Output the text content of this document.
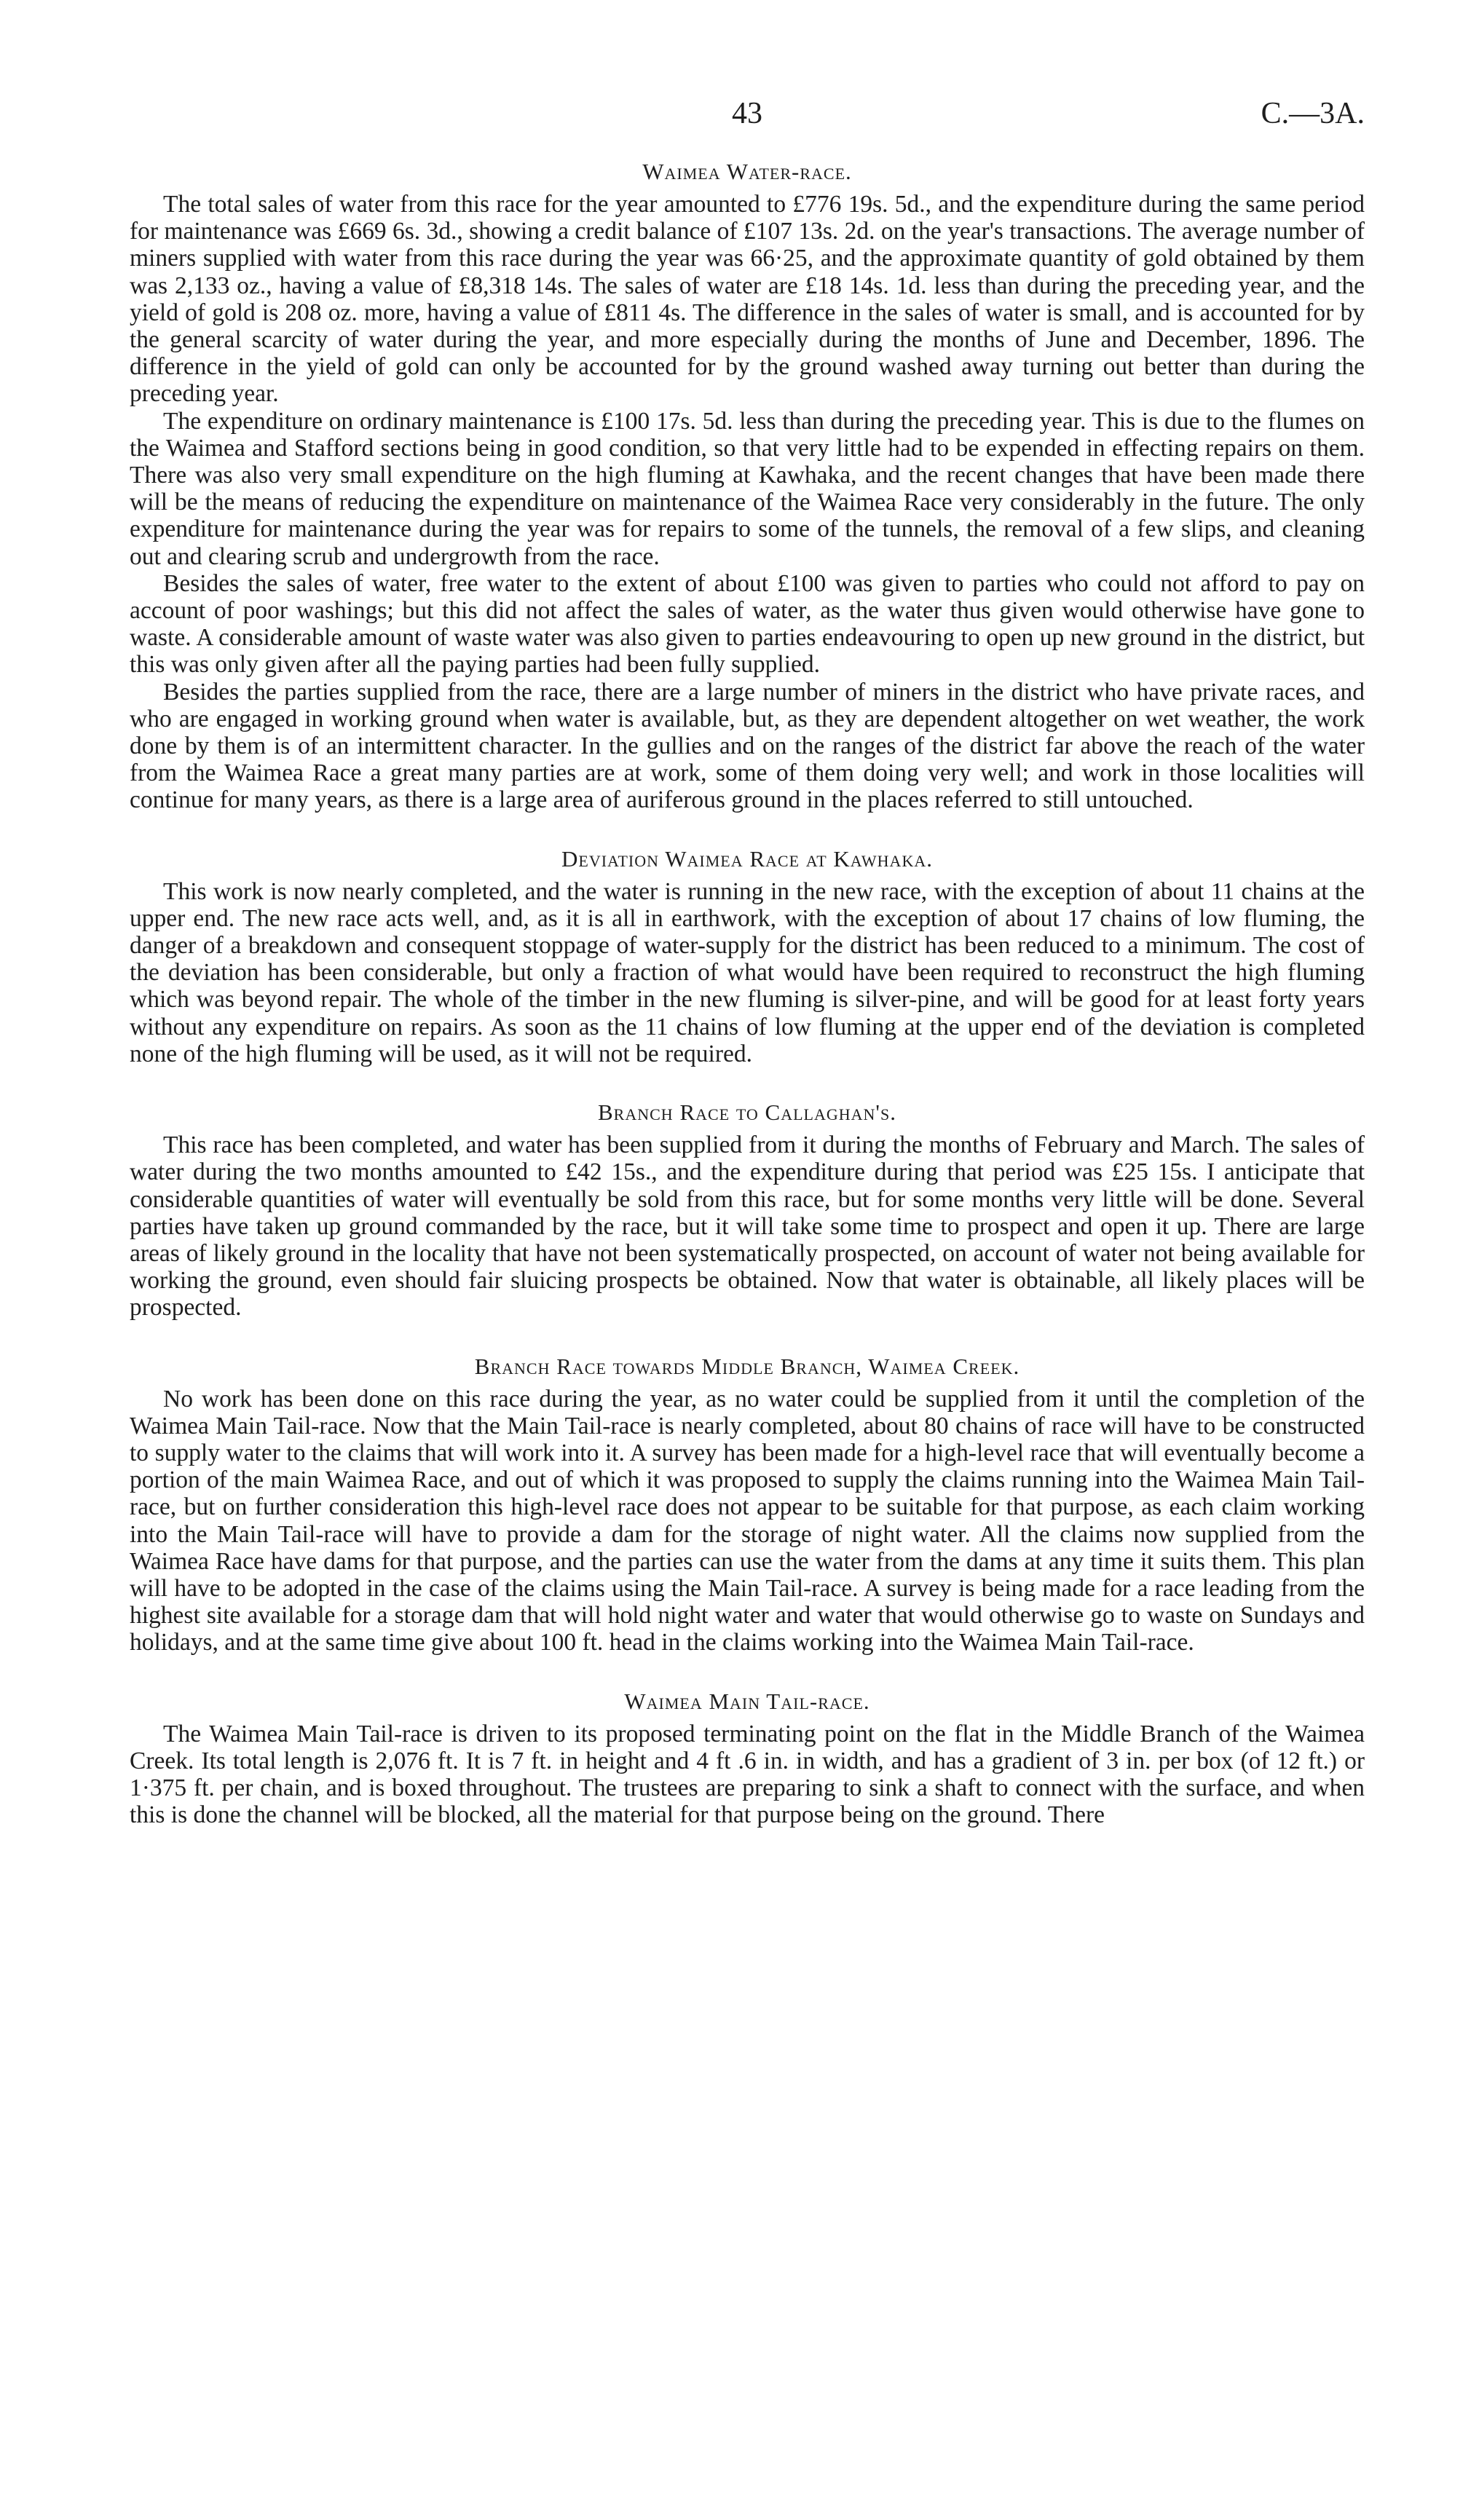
43	C.—3A.
Waimea Water-race.

The total sales of water from this race for the year amounted to £776 19s. 5d., and the expenditure during the same period for maintenance was £669 6s. 3d., showing a credit balance of £107 13s. 2d. on the year's transactions. The average number of miners supplied with water from this race during the year was 66·25, and the approximate quantity of gold obtained by them was 2,133 oz., having a value of £8,318 14s. The sales of water are £18 14s. 1d. less than during the preceding year, and the yield of gold is 208 oz. more, having a value of £811 4s. The difference in the sales of water is small, and is accounted for by the general scarcity of water during the year, and more especially during the months of June and December, 1896. The difference in the yield of gold can only be accounted for by the ground washed away turning out better than during the preceding year.

The expenditure on ordinary maintenance is £100 17s. 5d. less than during the preceding year. This is due to the flumes on the Waimea and Stafford sections being in good condition, so that very little had to be expended in effecting repairs on them. There was also very small expenditure on the high fluming at Kawhaka, and the recent changes that have been made there will be the means of reducing the expenditure on maintenance of the Waimea Race very considerably in the future. The only expenditure for maintenance during the year was for repairs to some of the tunnels, the removal of a few slips, and cleaning out and clearing scrub and undergrowth from the race.

Besides the sales of water, free water to the extent of about £100 was given to parties who could not afford to pay on account of poor washings; but this did not affect the sales of water, as the water thus given would otherwise have gone to waste. A considerable amount of waste water was also given to parties endeavouring to open up new ground in the district, but this was only given after all the paying parties had been fully supplied.

Besides the parties supplied from the race, there are a large number of miners in the district who have private races, and who are engaged in working ground when water is available, but, as they are dependent altogether on wet weather, the work done by them is of an intermittent character. In the gullies and on the ranges of the district far above the reach of the water from the Waimea Race a great many parties are at work, some of them doing very well; and work in those localities will continue for many years, as there is a large area of auriferous ground in the places referred to still untouched.

Deviation Waimea Race at Kawhaka.

This work is now nearly completed, and the water is running in the new race, with the exception of about 11 chains at the upper end. The new race acts well, and, as it is all in earthwork, with the exception of about 17 chains of low fluming, the danger of a breakdown and consequent stoppage of water-supply for the district has been reduced to a minimum. The cost of the deviation has been considerable, but only a fraction of what would have been required to reconstruct the high fluming which was beyond repair. The whole of the timber in the new fluming is silver-pine, and will be good for at least forty years without any expenditure on repairs. As soon as the 11 chains of low fluming at the upper end of the deviation is completed none of the high fluming will be used, as it will not be required.

Branch Race to Callaghan's.

This race has been completed, and water has been supplied from it during the months of February and March. The sales of water during the two months amounted to £42 15s., and the expenditure during that period was £25 15s. I anticipate that considerable quantities of water will eventually be sold from this race, but for some months very little will be done. Several parties have taken up ground commanded by the race, but it will take some time to prospect and open it up. There are large areas of likely ground in the locality that have not been systematically prospected, on account of water not being available for working the ground, even should fair sluicing prospects be obtained. Now that water is obtainable, all likely places will be prospected.

Branch Race towards Middle Branch, Waimea Creek.

No work has been done on this race during the year, as no water could be supplied from it until the completion of the Waimea Main Tail-race. Now that the Main Tail-race is nearly completed, about 80 chains of race will have to be constructed to supply water to the claims that will work into it. A survey has been made for a high-level race that will eventually become a portion of the main Waimea Race, and out of which it was proposed to supply the claims running into the Waimea Main Tail-race, but on further consideration this high-level race does not appear to be suitable for that purpose, as each claim working into the Main Tail-race will have to provide a dam for the storage of night water. All the claims now supplied from the Waimea Race have dams for that purpose, and the parties can use the water from the dams at any time it suits them. This plan will have to be adopted in the case of the claims using the Main Tail-race. A survey is being made for a race leading from the highest site available for a storage dam that will hold night water and water that would otherwise go to waste on Sundays and holidays, and at the same time give about 100 ft. head in the claims working into the Waimea Main Tail-race.

Waimea Main Tail-race.

The Waimea Main Tail-race is driven to its proposed terminating point on the flat in the Middle Branch of the Waimea Creek. Its total length is 2,076 ft. It is 7 ft. in height and 4 ft .6 in. in width, and has a gradient of 3 in. per box (of 12 ft.) or 1·375 ft. per chain, and is boxed throughout. The trustees are preparing to sink a shaft to connect with the surface, and when this is done the channel will be blocked, all the material for that purpose being on the ground. There
